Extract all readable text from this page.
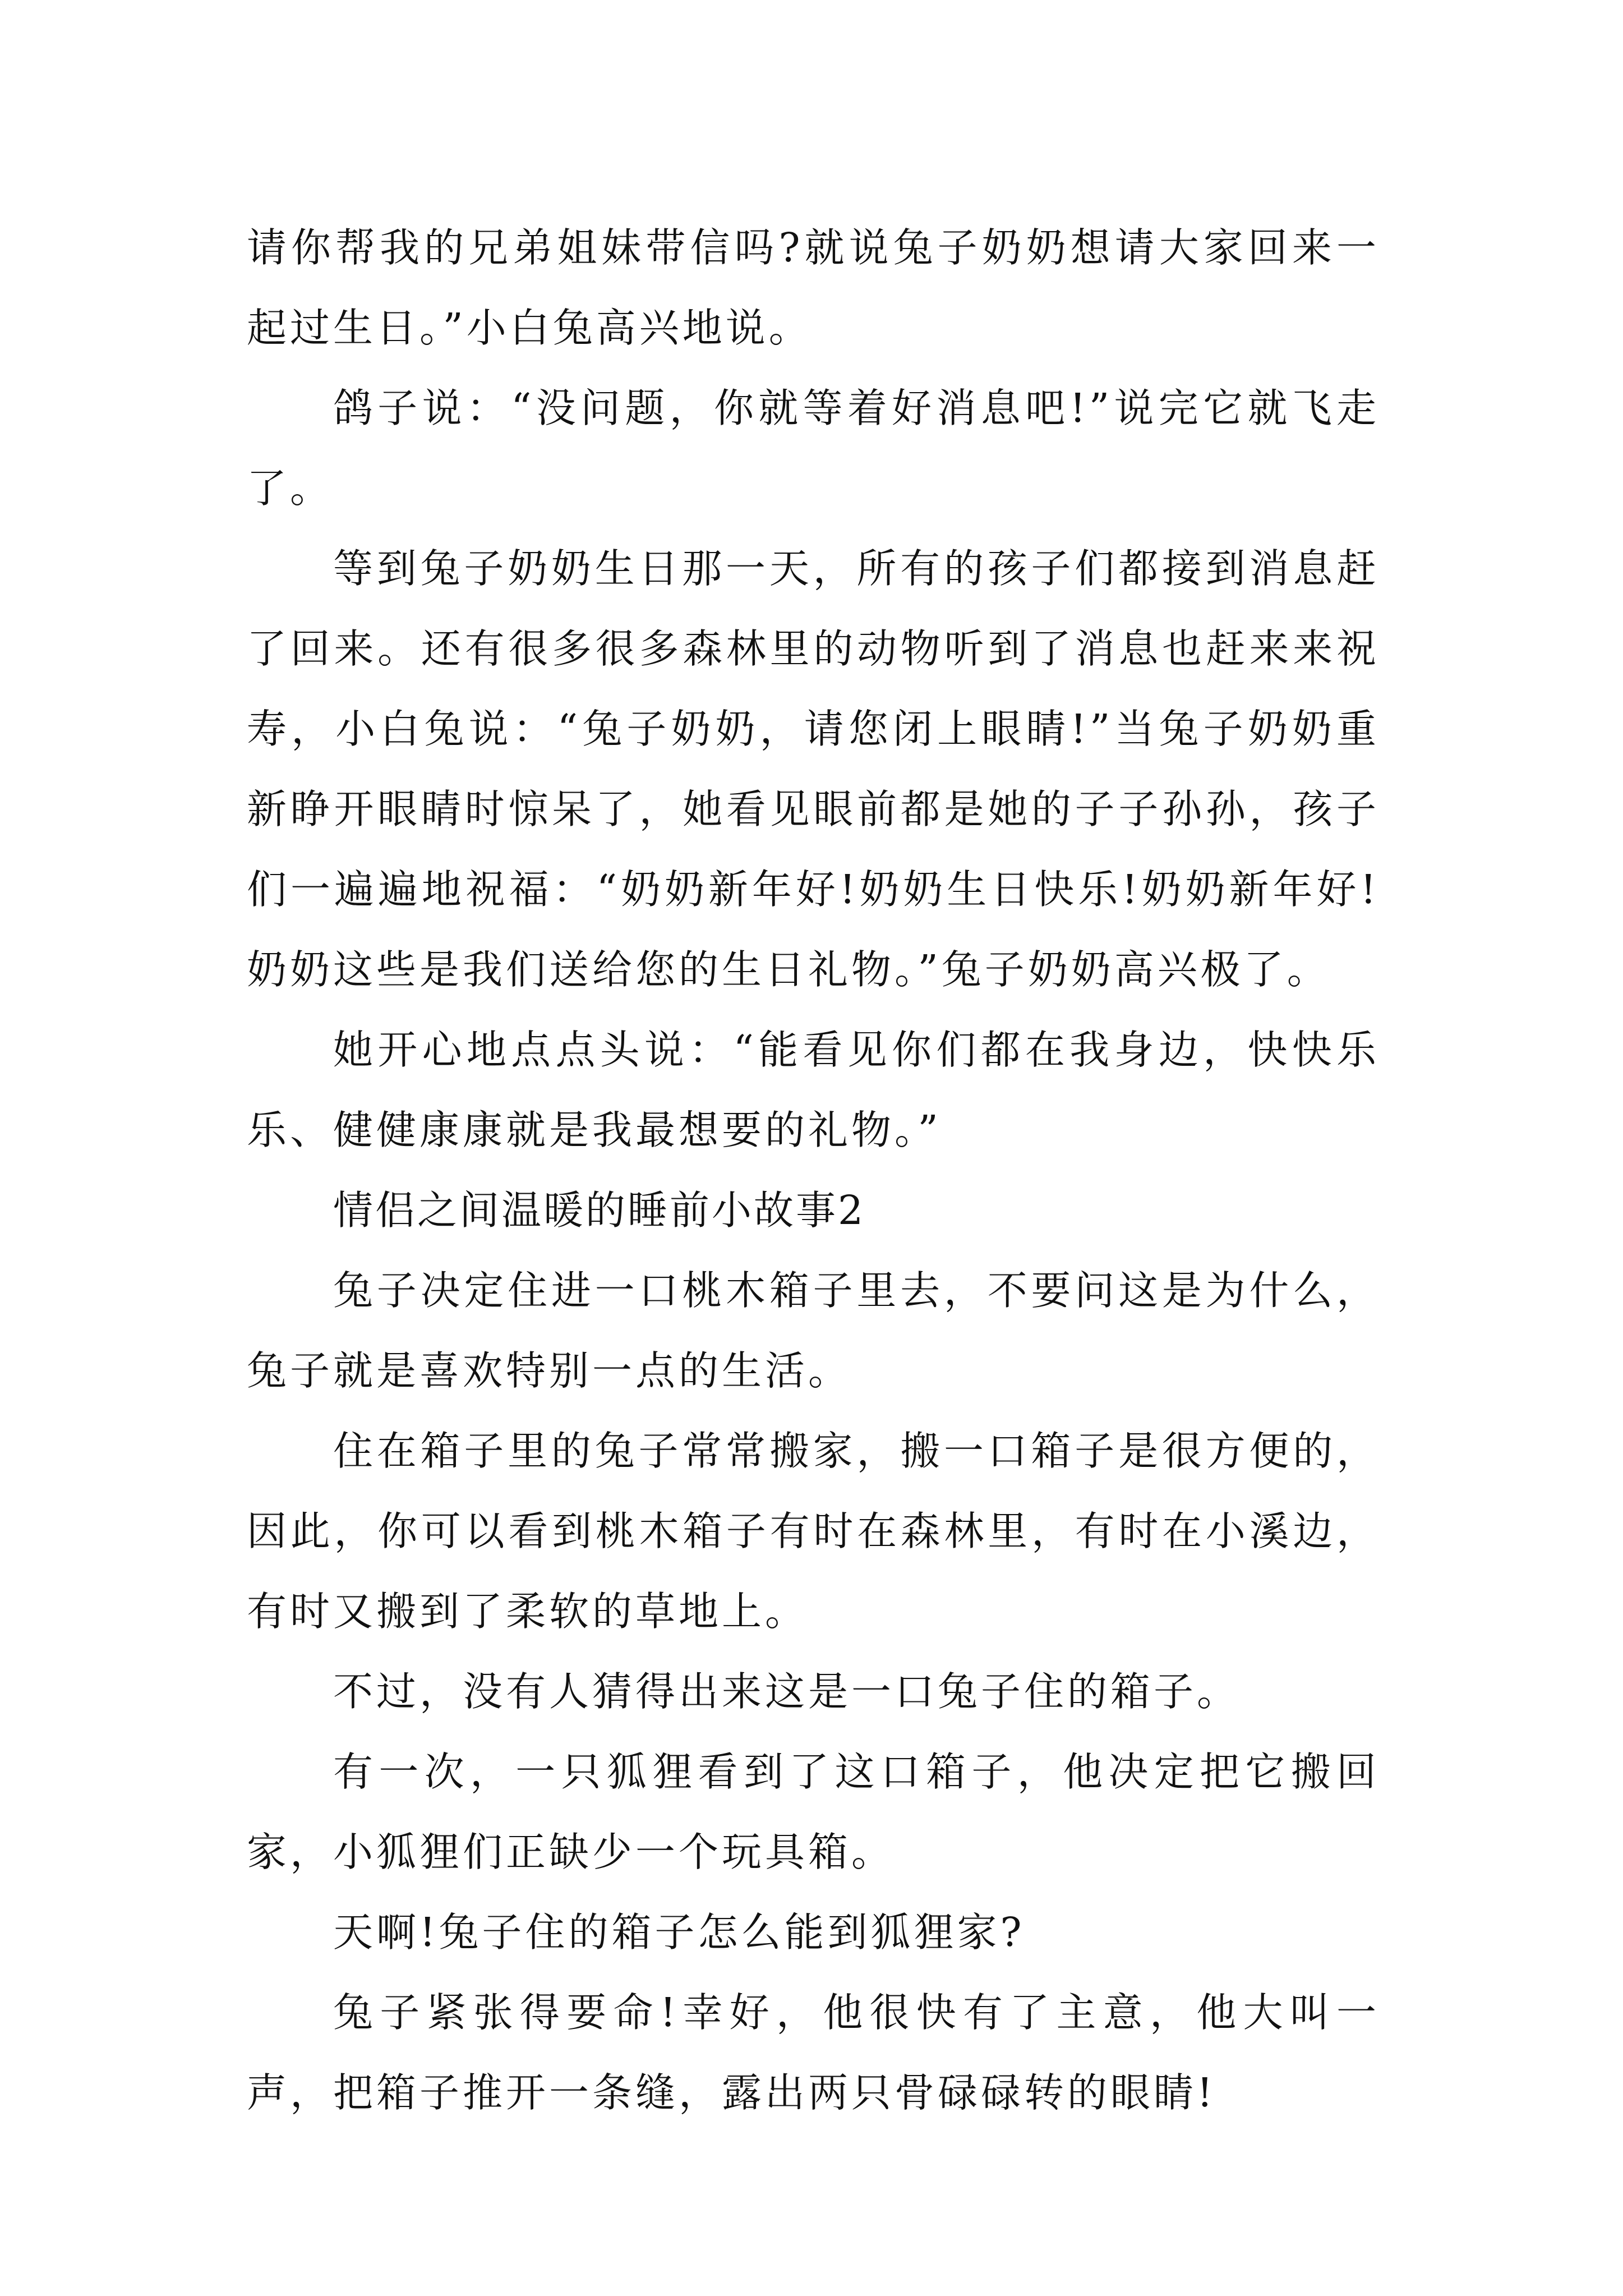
请你帮我的兄弟姐妹带信吗?就说兔子奶奶想请大家回来一起过生日。”小白兔高兴地说。

鸽子说：“没问题，你就等着好消息吧!”说完它就飞走了。

等到兔子奶奶生日那一天，所有的孩子们都接到消息赶了回来。还有很多很多森林里的动物听到了消息也赶来来祝寿，小白兔说：“兔子奶奶，请您闭上眼睛!”当兔子奶奶重新睁开眼睛时惊呆了，她看见眼前都是她的子子孙孙，孩子们一遍遍地祝福：“奶奶新年好!奶奶生日快乐!奶奶新年好!奶奶这些是我们送给您的生日礼物。”兔子奶奶高兴极了。

她开心地点点头说：“能看见你们都在我身边，快快乐乐、健健康康就是我最想要的礼物。”

情侣之间温暖的睡前小故事2

兔子决定住进一口桃木箱子里去，不要问这是为什么，兔子就是喜欢特别一点的生活。

住在箱子里的兔子常常搬家，搬一口箱子是很方便的，因此，你可以看到桃木箱子有时在森林里，有时在小溪边，有时又搬到了柔软的草地上。

不过，没有人猜得出来这是一口兔子住的箱子。

有一次，一只狐狸看到了这口箱子，他决定把它搬回家，小狐狸们正缺少一个玩具箱。

天啊!兔子住的箱子怎么能到狐狸家?

兔子紧张得要命!幸好，他很快有了主意，他大叫一声，把箱子推开一条缝，露出两只骨碌碌转的眼睛!
